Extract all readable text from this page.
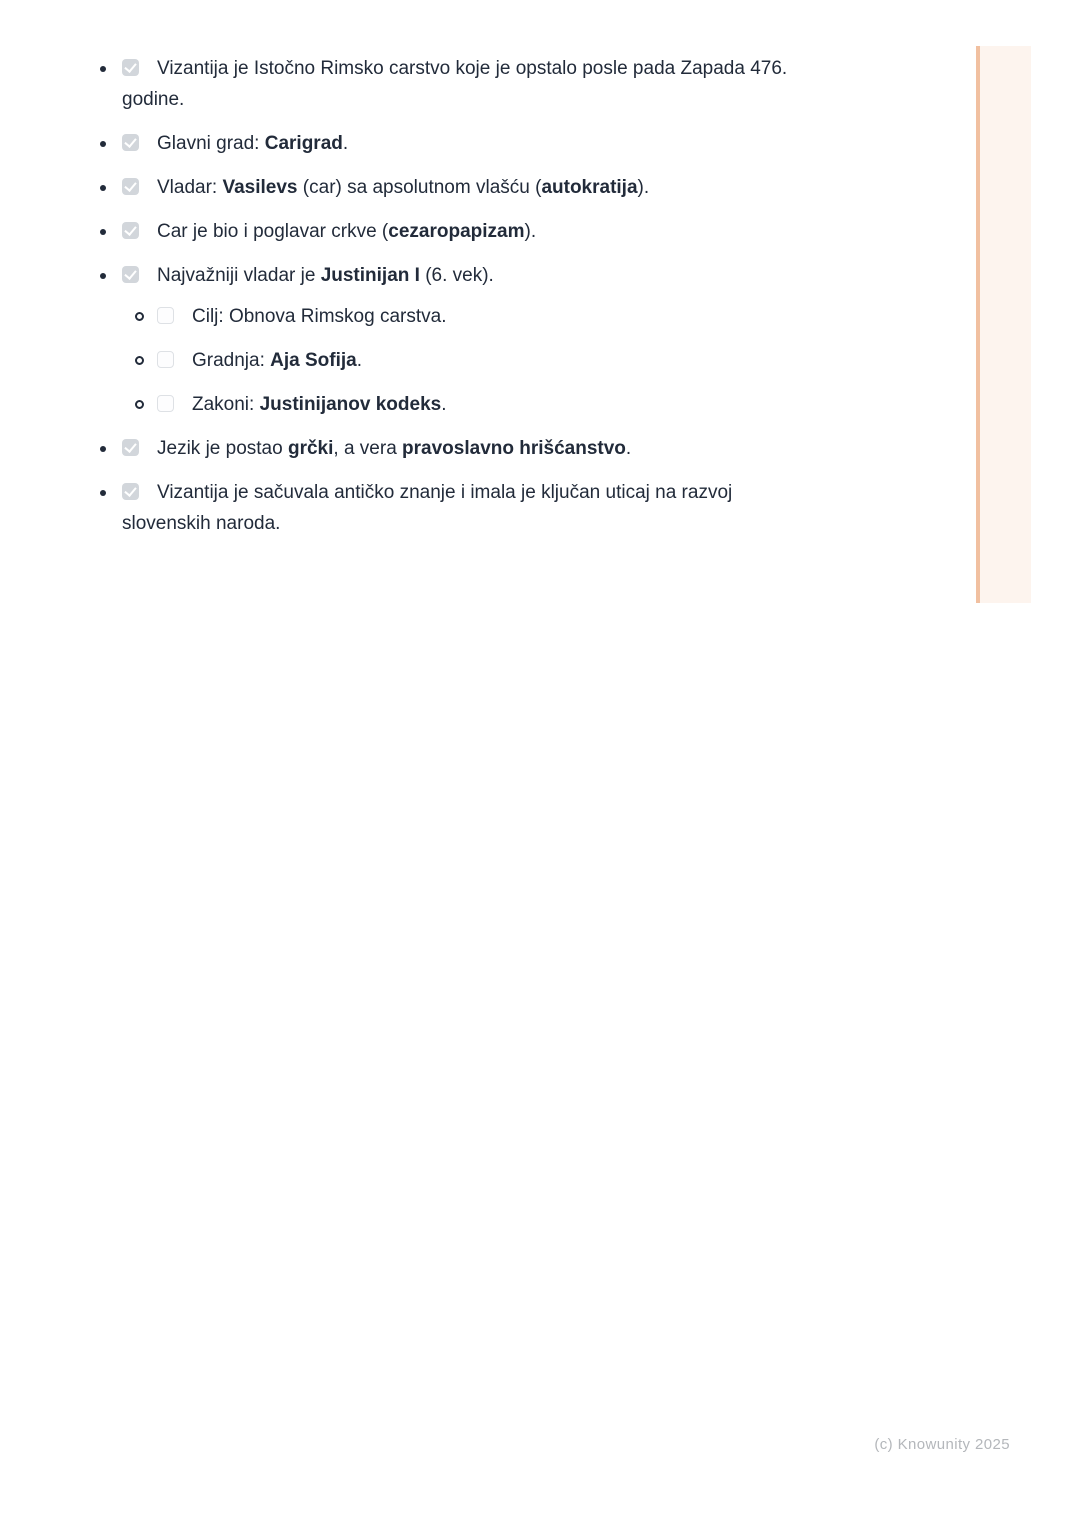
Vizantija je Istočno Rimsko carstvo koje je opstalo posle pada Zapada 476. godine.
Glavni grad: Carigrad.
Vladar: Vasilevs (car) sa apsolutnom vlašću (autokratija).
Car je bio i poglavar crkve (cezaropapizam).
Najvažniji vladar je Justinijan I (6. vek).
Cilj: Obnova Rimskog carstva.
Gradnja: Aja Sofija.
Zakoni: Justinijanov kodeks.
Jezik je postao grčki, a vera pravoslavno hrišćanstvo.
Vizantija je sačuvala antičko znanje i imala je ključan uticaj na razvoj slovenskih naroda.
(c) Knowunity 2025
